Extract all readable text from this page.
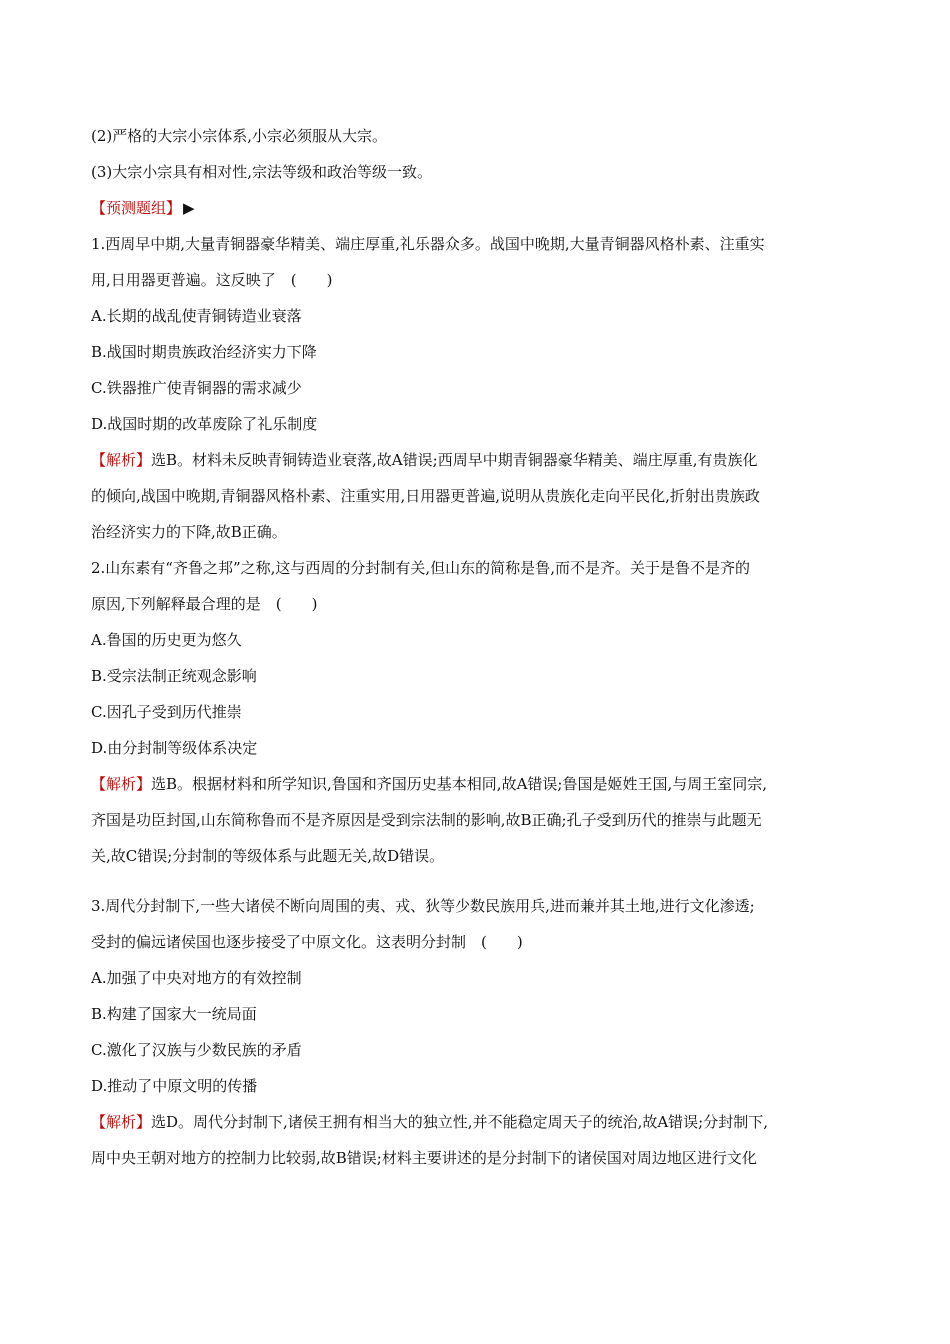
(2)严格的大宗小宗体系,小宗必须服从大宗。
(3)大宗小宗具有相对性,宗法等级和政治等级一致。
【预测题组】 ▶
1.西周早中期,大量青铜器豪华精美、端庄厚重,礼乐器众多。战国中晚期,大量青铜器风格朴素、注重实
用,日用器更普遍。这反映了　(　　)
A.长期的战乱使青铜铸造业衰落
B.战国时期贵族政治经济实力下降
C.铁器推广使青铜器的需求减少
D.战国时期的改革废除了礼乐制度
【解析】选B。材料未反映青铜铸造业衰落,故A错误;西周早中期青铜器豪华精美、端庄厚重,有贵族化
的倾向,战国中晚期,青铜器风格朴素、注重实用,日用器更普遍,说明从贵族化走向平民化,折射出贵族政
治经济实力的下降,故B正确。
2.山东素有“齐鲁之邦”之称,这与西周的分封制有关,但山东的简称是鲁,而不是齐。关于是鲁不是齐的
原因,下列解释最合理的是　(　　)
A.鲁国的历史更为悠久
B.受宗法制正统观念影响
C.因孔子受到历代推崇
D.由分封制等级体系决定
【解析】选B。根据材料和所学知识,鲁国和齐国历史基本相同,故A错误;鲁国是姬姓王国,与周王室同宗,
齐国是功臣封国,山东简称鲁而不是齐原因是受到宗法制的影响,故B正确;孔子受到历代的推崇与此题无
关,故C错误;分封制的等级体系与此题无关,故D错误。
3.周代分封制下,一些大诸侯不断向周围的夷、戎、狄等少数民族用兵,进而兼并其土地,进行文化渗透;
受封的偏远诸侯国也逐步接受了中原文化。这表明分封制　(　　)
A.加强了中央对地方的有效控制
B.构建了国家大一统局面
C.激化了汉族与少数民族的矛盾
D.推动了中原文明的传播
【解析】选D。周代分封制下,诸侯王拥有相当大的独立性,并不能稳定周天子的统治,故A错误;分封制下,
周中央王朝对地方的控制力比较弱,故B错误;材料主要讲述的是分封制下的诸侯国对周边地区进行文化
